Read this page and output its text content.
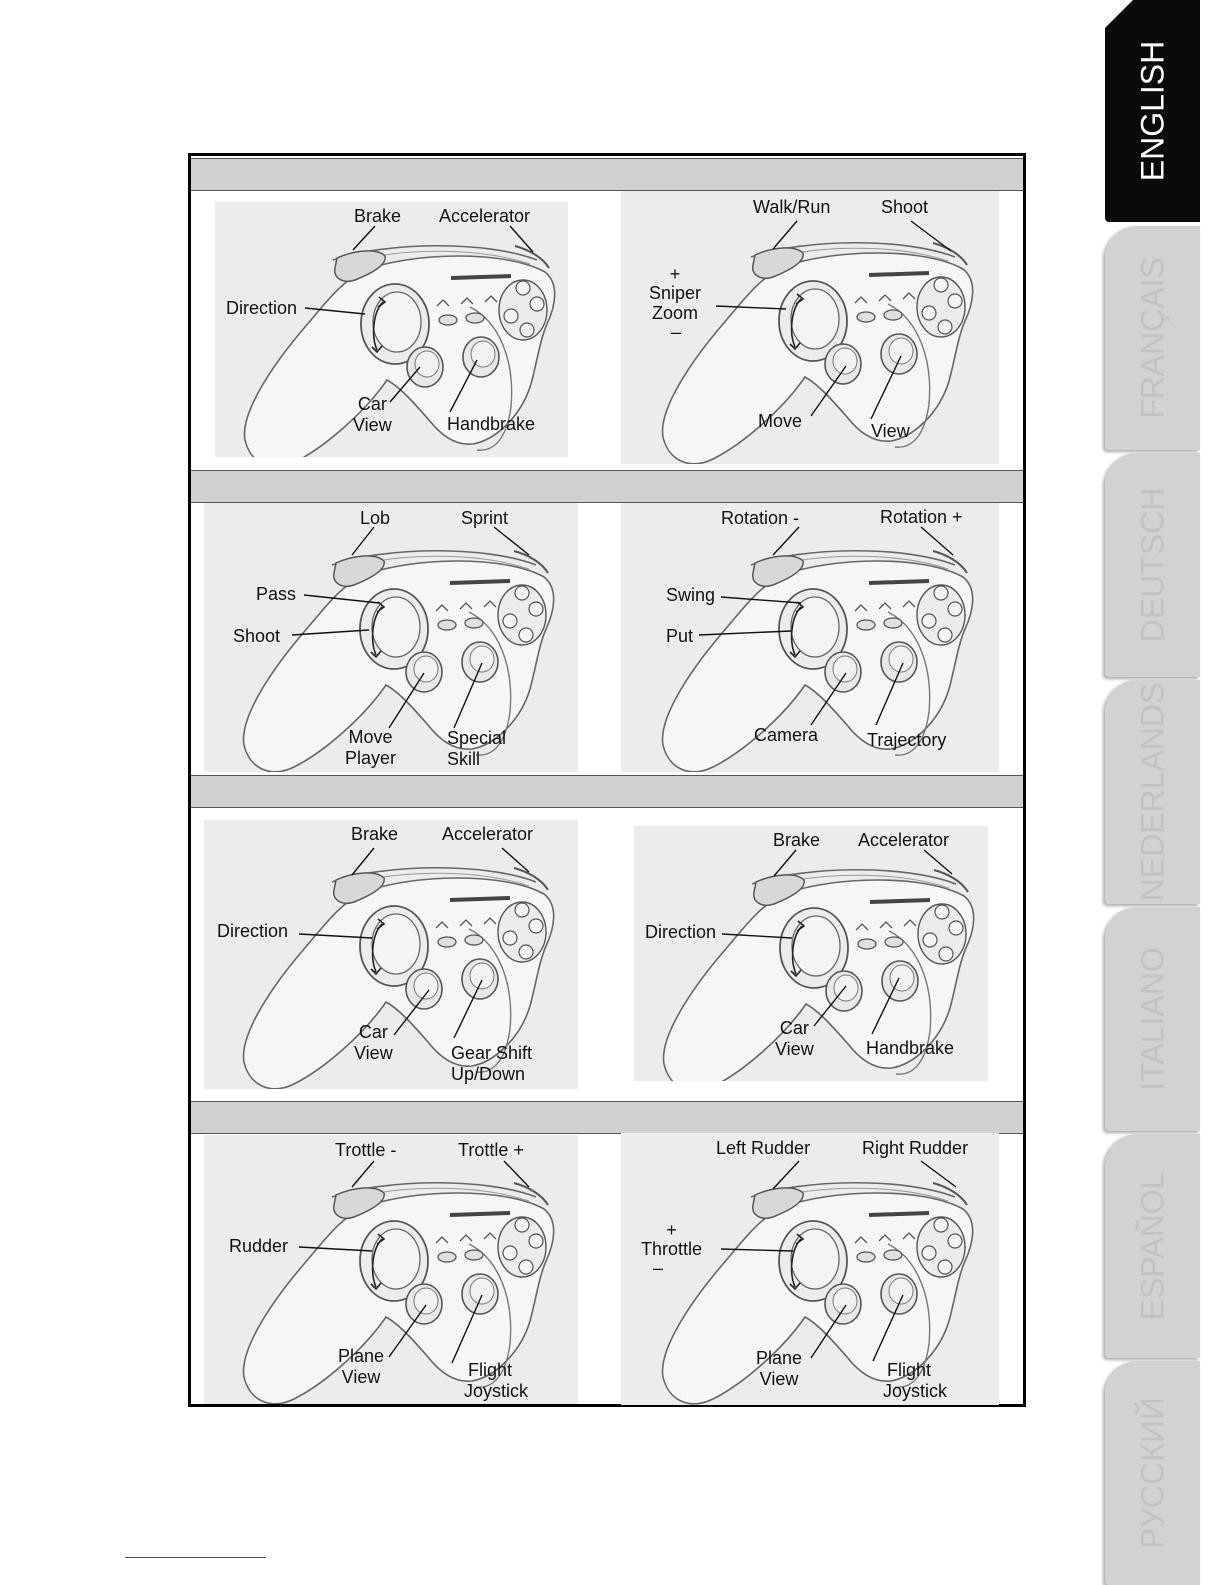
Brake Accelerator
Direction
Car
View	Handbrake
Walk/Run	Shoot
+
Sniper
Zoom
–
Move	View
Lob	Sprint
Pass
Shoot
Move
Player
Special
Skill
Rotation -	Rotation +
Swing
Put
Camera	Trajectory
Brake Accelerator
Direction
Car
View	Gear Shift
Up/Down
Brake Accelerator
Direction
Car
View	Handbrake
Trottle -	Trottle +
Rudder
Plane
View	Flight
Joystick
Left Rudder	Right Rudder
+
Throttle
–
Plane
View	Flight
Joystick
ENGLISH
FRANÇAIS
DEUTSCH
NEDERLANDS
ITALIANO
ESPAÑOL
РУССКИЙ
